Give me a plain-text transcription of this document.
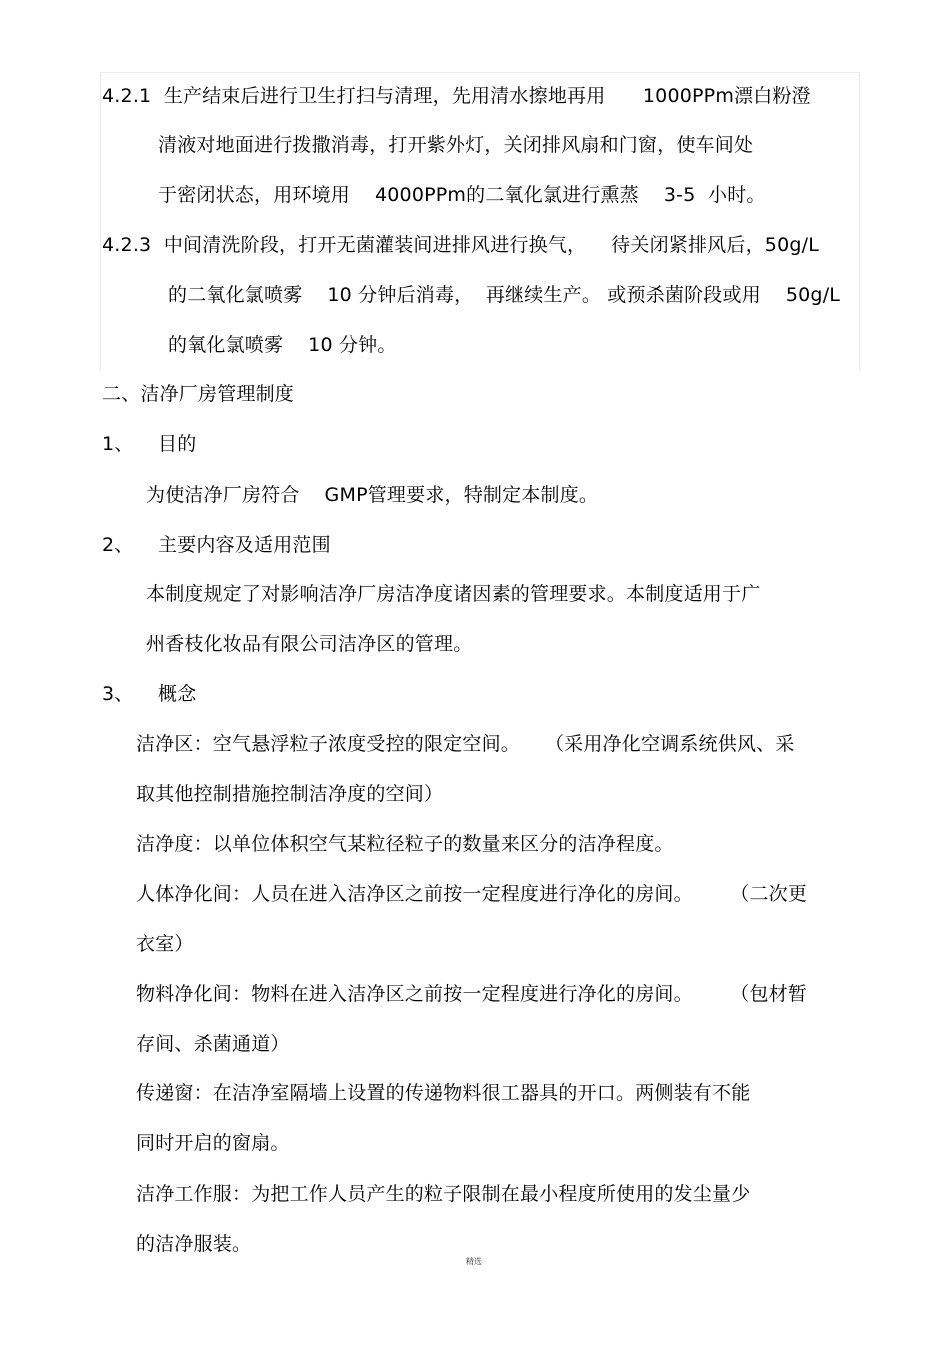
4.2.1  生产结束后进行卫生打扫与清理，先用清水擦地再用      1000PPm漂白粉澄
清液对地面进行拨撒消毒，打开紫外灯，关闭排风扇和门窗，使车间处
于密闭状态，用环境用    4000PPm的二氧化氯进行熏蒸    3-5  小时。
4.2.3  中间清洗阶段，打开无菌灌装间进排风进行换气，    待关闭紧排风后，50g/L
的二氧化氯喷雾    10 分钟后消毒，  再继续生产。 或预杀菌阶段或用    50g/L
的氧化氯喷雾    10 分钟。
二、洁净厂房管理制度
1、 目的
为使洁净厂房符合    GMP管理要求，特制定本制度。
2、 主要内容及适用范围
本制度规定了对影响洁净厂房洁净度诸因素的管理要求。本制度适用于广
州香枝化妆品有限公司洁净区的管理。
3、 概念
洁净区：空气悬浮粒子浓度受控的限定空间。    （采用净化空调系统供风、采
取其他控制措施控制洁净度的空间）
洁净度：以单位体积空气某粒径粒子的数量来区分的洁净程度。
人体净化间：人员在进入洁净区之前按一定程度进行净化的房间。      （二次更
衣室）
物料净化间：物料在进入洁净区之前按一定程度进行净化的房间。      （包材暂
存间、杀菌通道）
传递窗：在洁净室隔墙上设置的传递物料很工器具的开口。两侧装有不能
同时开启的窗扇。
洁净工作服：为把工作人员产生的粒子限制在最小程度所使用的发尘量少
的洁净服装。
精选
